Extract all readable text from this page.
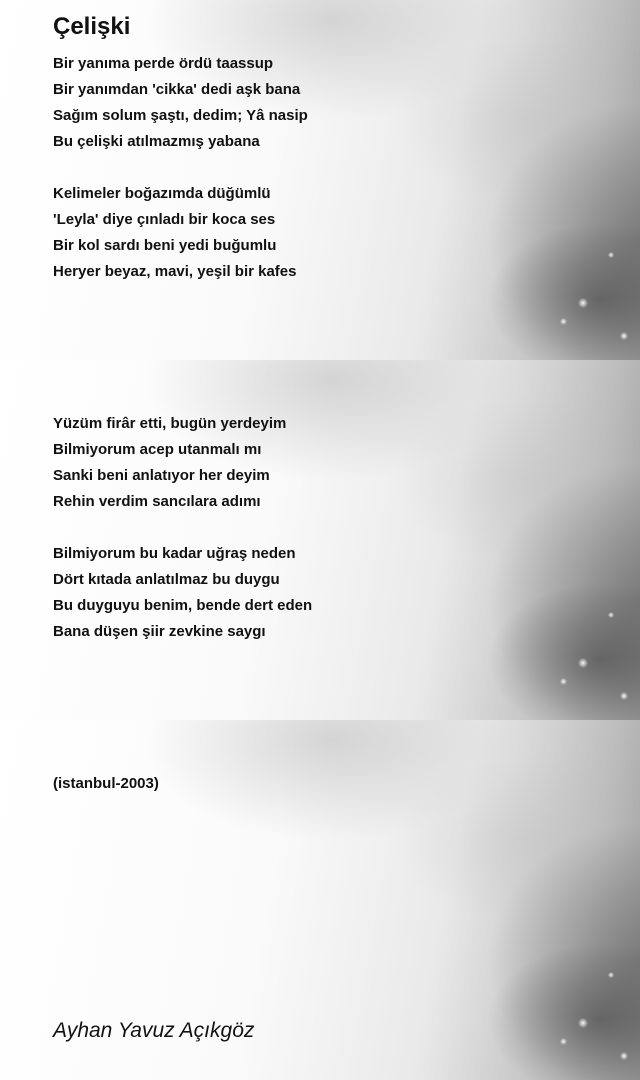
Çelişki
Bir yanıma perde ördü taassup
Bir yanımdan 'cikka' dedi aşk bana
Sağım solum şaştı, dedim; Yâ nasip
Bu çelişki atılmazmış yabana
Kelimeler boğazımda düğümlü
'Leyla' diye çınladı bir koca ses
Bir kol sardı beni yedi buğumlu
Heryer beyaz, mavi, yeşil bir kafes
Yüzüm firâr etti, bugün yerdeyim
Bilmiyorum acep utanmalı mı
Sanki beni anlatıyor her deyim
Rehin verdim sancılara adımı
Bilmiyorum bu kadar uğraş neden
Dört kıtada anlatılmaz bu duygu
Bu duyguyu benim, bende dert eden
Bana düşen şiir zevkine saygı
(istanbul-2003)
Ayhan Yavuz Açıkgöz
